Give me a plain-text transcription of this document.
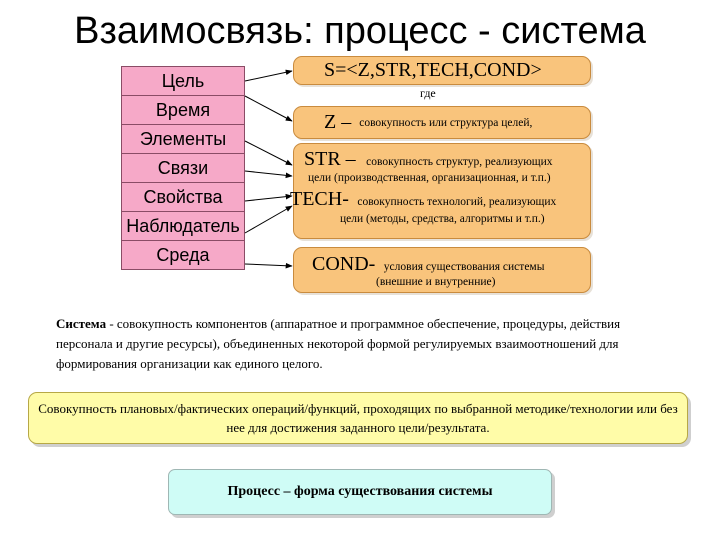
Взаимосвязь: процесс - система
Цель
Время
Элементы
Связи
Свойства
Наблюдатель
Среда
S=<Z,STR,TECH,COND>
где
Z – совокупность или структура целей,
STR – совокупность структур, реализующих
цели (производственная, организационная, и т.п.)
TECH- совокупность технологий, реализующих
цели (методы, средства, алгоритмы и т.п.)
COND- условия существования системы
(внешние и внутренние)
Система - совокупность компонентов (аппаратное и программное обеспечение, процедуры, действия персонала и другие ресурсы), объединенных некоторой формой регулируемых взаимоотношений для формирования организации как единого целого.
Совокупность плановых/фактических операций/функций, проходящих по выбранной методике/технологии или без нее для достижения заданного цели/результата.
Процесс – форма существования системы
